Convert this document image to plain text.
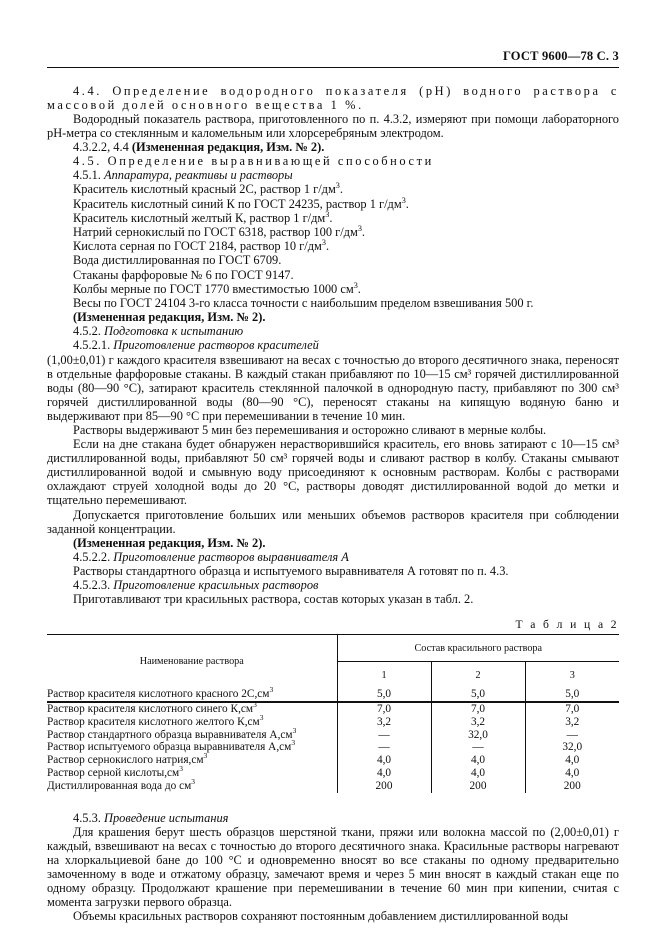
ГОСТ 9600—78 С. 3

4.4. Определение водородного показателя (pH) водного раствора с массовой долей основного вещества 1 %.

Водородный показатель раствора, приготовленного по п. 4.3.2, измеряют при помощи лабораторного pH-метра со стеклянным и каломельным или хлорсеребряным электродом.

4.3.2.2, 4.4 (Измененная редакция, Изм. № 2).

4.5. Определение выравнивающей способности

4.5.1. Аппаратура, реактивы и растворы

Краситель кислотный красный 2С, раствор 1 $г/дм^3$.

Краситель кислотный синий К по ГОСТ 24235, раствор 1 $г/дм^3$.

Краситель кислотный желтый К, раствор 1 $г/дм^3$.

Натрий сернокислый по ГОСТ 6318, раствор 100 $г/дм^3$.

Кислота серная по ГОСТ 2184, раствор 10 $г/дм^3$.

Вода дистиллированная по ГОСТ 6709.

Стаканы фарфоровые № 6 по ГОСТ 9147.

Колбы мерные по ГОСТ 1770 вместимостью 1000 $см^3$.

Весы по ГОСТ 24104 3-го класса точности с наибольшим пределом взвешивания 500 г.

(Измененная редакция, Изм. № 2).

4.5.2. Подготовка к испытанию

4.5.2.1. Приготовление растворов красителей

(1,00±0,01) г каждого красителя взвешивают на весах с точностью до второго десятичного знака, переносят в отдельные фарфоровые стаканы. В каждый стакан прибавляют по 10—15 см³ горячей дистиллированной воды (80—90 °С), затирают краситель стеклянной палочкой в однородную пасту, прибавляют по 300 см³ горячей дистиллированной воды (80—90 °С), переносят стаканы на кипящую водяную баню и выдерживают при 85—90 °С при перемешивании в течение 10 мин.

Растворы выдерживают 5 мин без перемешивания и осторожно сливают в мерные колбы.

Если на дне стакана будет обнаружен нерастворившийся краситель, его вновь затирают с 10—15 см³ дистиллированной воды, прибавляют 50 см³ горячей воды и сливают раствор в колбу. Стаканы смывают дистиллированной водой и смывную воду присоединяют к основным растворам. Колбы с растворами охлаждают струей холодной воды до 20 °С, растворы доводят дистиллированной водой до метки и тщательно перемешивают.

Допускается приготовление больших или меньших объемов растворов красителя при соблюдении заданной концентрации.

(Измененная редакция, Изм. № 2).

4.5.2.2. Приготовление растворов выравнивателя А

Растворы стандартного образца и испытуемого выравнивателя А готовят по п. 4.3.

4.5.2.3. Приготовление красильных растворов

Приготавливают три красильных раствора, состав которых указан в табл. 2.

Т а б л и ц а 2
Наименование раствора	Состав красильного раствора		
	1	2	3
Раствор красителя кислотного красного $2С,см^3$	5,0	5,0	5,0
Раствор красителя кислотного синего $К,см^3$	7,0	7,0	7,0
Раствор красителя кислотного желтого $К,см^3$	3,2	3,2	3,2
Раствор стандартного образца выравнивателя $А,см^3$	—	32,0	—
Раствор испытуемого образца выравнивателя $А,см^3$	—	—	32,0
Раствор сернокислого $натрия,см^3$	4,0	4,0	4,0
Раствор серной $кислоты,см^3$	4,0	4,0	4,0
Дистиллированная вода до $см^3$	200	200	200

4.5.3. Проведение испытания

Для крашения берут шесть образцов шерстяной ткани, пряжи или волокна массой по (2,00±0,01) г каждый, взвешивают на весах с точностью до второго десятичного знака. Красильные растворы нагревают на хлоркальциевой бане до 100 °С и одновременно вносят во все стаканы по одному предварительно замоченному в воде и отжатому образцу, замечают время и через 5 мин вносят в каждый стакан еще по одному образцу. Продолжают крашение при перемешивании в течение 60 мин при кипении, считая с момента загрузки первого образца.

Объемы красильных растворов сохраняют постоянным добавлением дистиллированной воды
